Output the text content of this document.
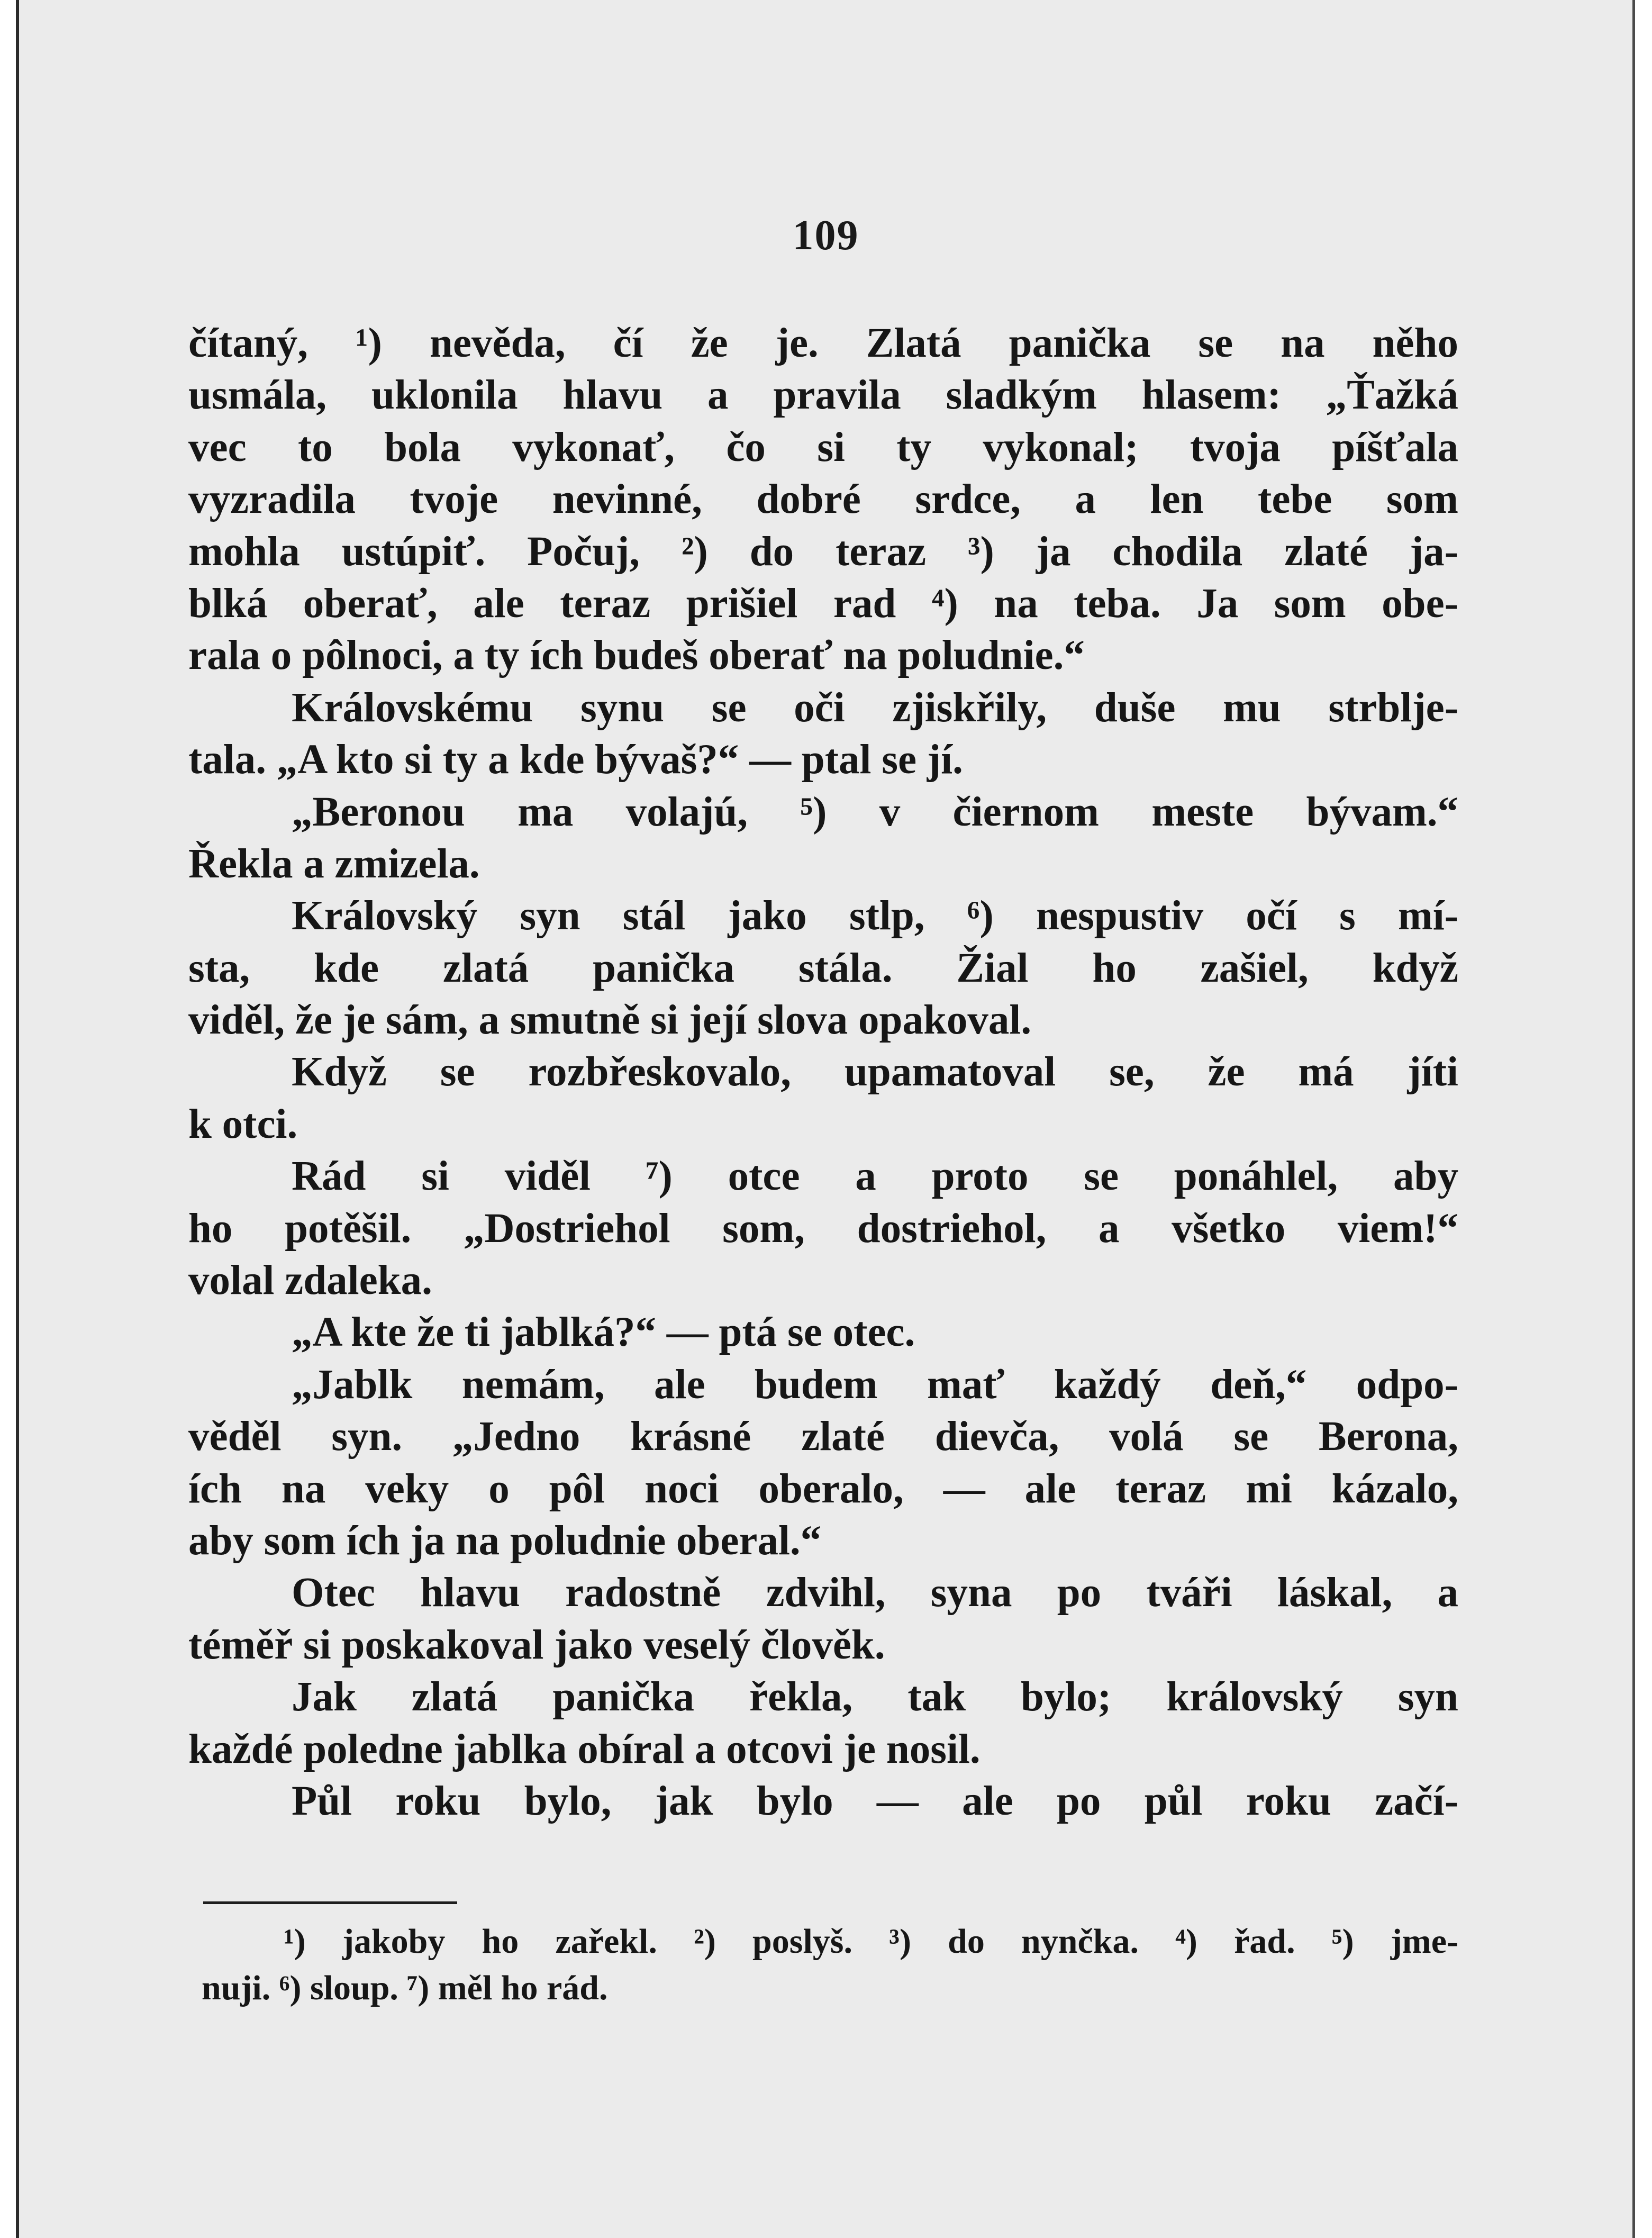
109
čítaný, ¹) nevěda, čí že je. Zlatá panička se na něho
usmála, uklonila hlavu a pravila sladkým hlasem: „Ťažká
vec to bola vykonať, čo si ty vykonal; tvoja píšťala
vyzradila tvoje nevinné, dobré srdce, a len tebe som
mohla ustúpiť. Počuj, ²) do teraz ³) ja chodila zlaté ja-
blká oberať, ale teraz prišiel rad ⁴) na teba. Ja som obe-
rala o pôlnoci, a ty ích budeš oberať na poludnie.“
Královskému synu se oči zjiskřily, duše mu strblje-
tala. „A kto si ty a kde bývaš?“ — ptal se jí.
„Beronou ma volajú, ⁵) v čiernom meste bývam.“
Řekla a zmizela.
Královský syn stál jako stlp, ⁶) nespustiv očí s mí-
sta, kde zlatá panička stála. Žial ho zašiel, když
viděl, že je sám, a smutně si její slova opakoval.
Když se rozbřeskovalo, upamatoval se, že má jíti
k otci.
Rád si viděl ⁷) otce a proto se ponáhlel, aby
ho potěšil. „Dostriehol som, dostriehol, a všetko viem!“
volal zdaleka.
„A kte že ti jablká?“ — ptá se otec.
„Jablk nemám, ale budem mať každý deň,“ odpo-
věděl syn. „Jedno krásné zlaté dievča, volá se Berona,
ích na veky o pôl noci oberalo, — ale teraz mi kázalo,
aby som ích ja na poludnie oberal.“
Otec hlavu radostně zdvihl, syna po tváři láskal, a
téměř si poskakoval jako veselý člověk.
Jak zlatá panička řekla, tak bylo; královský syn
každé poledne jablka obíral a otcovi je nosil.
Půl roku bylo, jak bylo — ale po půl roku začí-
¹) jakoby ho zařekl. ²) poslyš. ³) do nynčka. ⁴) řad. ⁵) jme-
nuji. ⁶) sloup. ⁷) měl ho rád.
